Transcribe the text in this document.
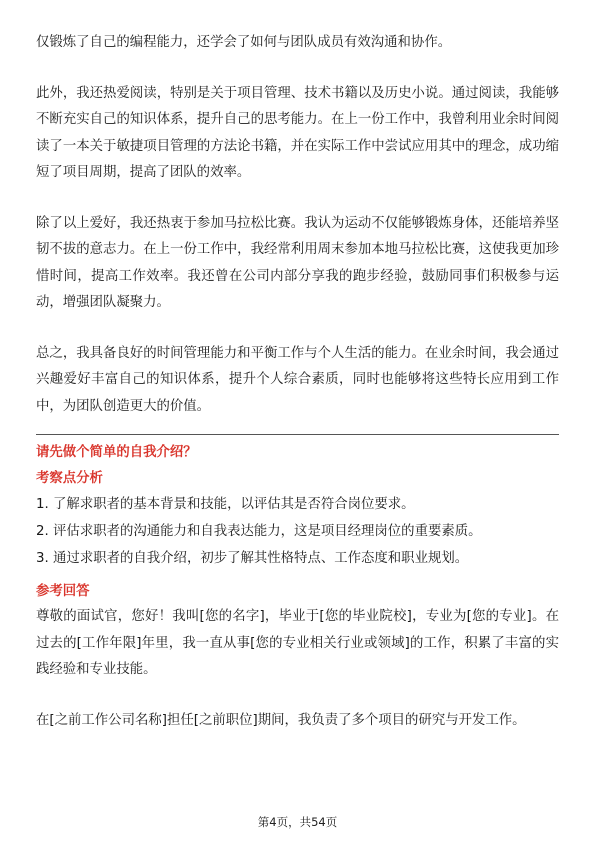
仅锻炼了自己的编程能力，还学会了如何与团队成员有效沟通和协作。

此外，我还热爱阅读，特别是关于项目管理、技术书籍以及历史小说。通过阅读，我能够不断充实自己的知识体系，提升自己的思考能力。在上一份工作中，我曾利用业余时间阅读了一本关于敏捷项目管理的方法论书籍，并在实际工作中尝试应用其中的理念，成功缩短了项目周期，提高了团队的效率。

除了以上爱好，我还热衷于参加马拉松比赛。我认为运动不仅能够锻炼身体，还能培养坚韧不拔的意志力。在上一份工作中，我经常利用周末参加本地马拉松比赛，这使我更加珍惜时间，提高工作效率。我还曾在公司内部分享我的跑步经验，鼓励同事们积极参与运动，增强团队凝聚力。

总之，我具备良好的时间管理能力和平衡工作与个人生活的能力。在业余时间，我会通过兴趣爱好丰富自己的知识体系，提升个人综合素质，同时也能够将这些特长应用到工作中，为团队创造更大的价值。

请先做个简单的自我介绍？
考察点分析
1. 了解求职者的基本背景和技能，以评估其是否符合岗位要求。
2. 评估求职者的沟通能力和自我表达能力，这是项目经理岗位的重要素质。
3. 通过求职者的自我介绍，初步了解其性格特点、工作态度和职业规划。
参考回答

尊敬的面试官，您好！我叫[您的名字]，毕业于[您的毕业院校]，专业为[您的专业]。在过去的[工作年限]年里，我一直从事[您的专业相关行业或领域]的工作，积累了丰富的实践经验和专业技能。

在[之前工作公司名称]担任[之前职位]期间，我负责了多个项目的研究与开发工作。

第4页，共54页
